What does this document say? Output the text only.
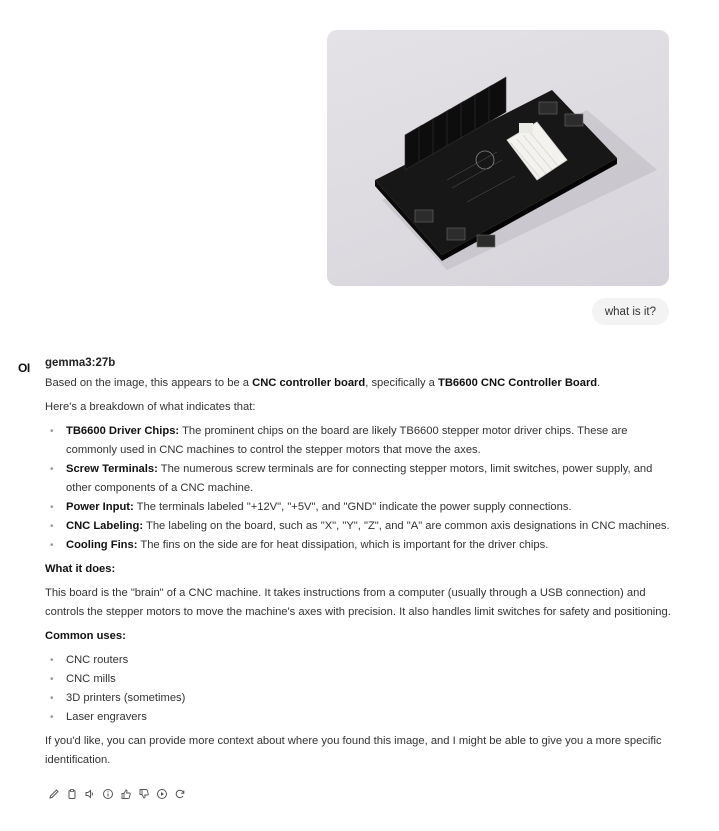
what is it?
OI	gemma3:27b

Based on the image, this appears to be a CNC controller board, specifically a TB6600 CNC Controller Board.

Here's a breakdown of what indicates that:

• TB6600 Driver Chips: The prominent chips on the board are likely TB6600 stepper motor driver chips. These are commonly used in CNC machines to control the stepper motors that move the axes.
• Screw Terminals: The numerous screw terminals are for connecting stepper motors, limit switches, power supply, and other components of a CNC machine.
• Power Input: The terminals labeled "+12V", "+5V", and "GND" indicate the power supply connections.
• CNC Labeling: The labeling on the board, such as "X", "Y", "Z", and "A" are common axis designations in CNC machines.
• Cooling Fins: The fins on the side are for heat dissipation, which is important for the driver chips.

What it does:

This board is the "brain" of a CNC machine. It takes instructions from a computer (usually through a USB connection) and controls the stepper motors to move the machine's axes with precision. It also handles limit switches for safety and positioning.

Common uses:

• CNC routers
• CNC mills
• 3D printers (sometimes)
• Laser engravers

If you'd like, you can provide more context about where you found this image, and I might be able to give you a more specific identification.
